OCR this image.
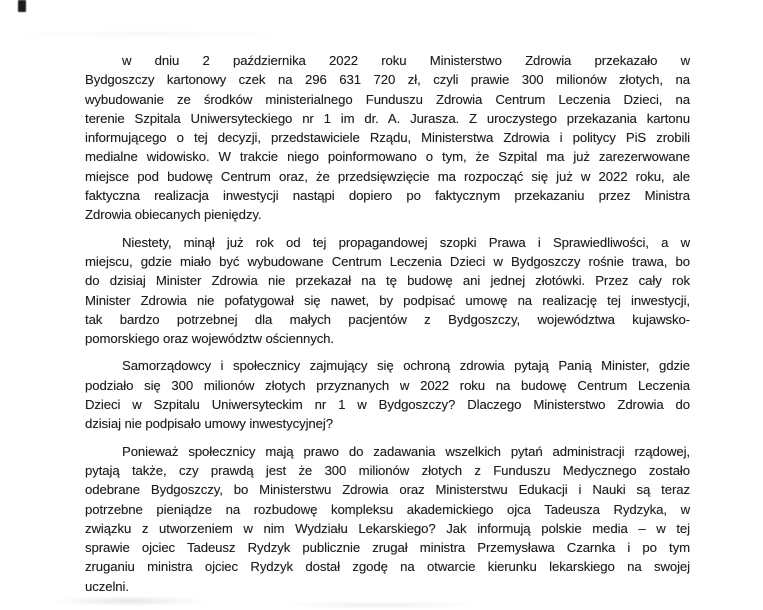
w dniu 2 października 2022 roku Ministerstwo Zdrowia przekazało w
Bydgoszczy kartonowy czek na 296 631 720 zł, czyli prawie 300 milionów złotych, na
wybudowanie ze środków ministerialnego Funduszu Zdrowia Centrum Leczenia Dzieci, na
terenie Szpitala Uniwersyteckiego nr 1 im dr. A. Jurasza. Z uroczystego przekazania kartonu
informującego o tej decyzji, przedstawiciele Rządu, Ministerstwa Zdrowia i politycy PiS zrobili
medialne widowisko. W trakcie niego poinformowano o tym, że Szpital ma już zarezerwowane
miejsce pod budowę Centrum oraz, że przedsięwzięcie ma rozpocząć się już w 2022 roku, ale
faktyczna realizacja inwestycji nastąpi dopiero po faktycznym przekazaniu przez Ministra
Zdrowia obiecanych pieniędzy.
Niestety, minął już rok od tej propagandowej szopki Prawa i Sprawiedliwości, a w
miejscu, gdzie miało być wybudowane Centrum Leczenia Dzieci w Bydgoszczy rośnie trawa, bo
do dzisiaj Minister Zdrowia nie przekazał na tę budowę ani jednej złotówki. Przez cały rok
Minister Zdrowia nie pofatygował się nawet, by podpisać umowę na realizację tej inwestycji,
tak bardzo potrzebnej dla małych pacjentów z Bydgoszczy, województwa kujawsko-
pomorskiego oraz województw ościennych.
Samorządowcy i społecznicy zajmujący się ochroną zdrowia pytają Panią Minister, gdzie
podziało się 300 milionów złotych przyznanych w 2022 roku na budowę Centrum Leczenia
Dzieci w Szpitalu Uniwersyteckim nr 1 w Bydgoszczy? Dlaczego Ministerstwo Zdrowia do
dzisiaj nie podpisało umowy inwestycyjnej?
Ponieważ społecznicy mają prawo do zadawania wszelkich pytań administracji rządowej,
pytają także, czy prawdą jest że 300 milionów złotych z Funduszu Medycznego zostało
odebrane Bydgoszczy, bo Ministerstwu Zdrowia oraz Ministerstwu Edukacji i Nauki są teraz
potrzebne pieniądze na rozbudowę kompleksu akademickiego ojca Tadeusza Rydzyka, w
związku z utworzeniem w nim Wydziału Lekarskiego? Jak informują polskie media – w tej
sprawie ojciec Tadeusz Rydzyk publicznie zrugał ministra Przemysława Czarnka i po tym
zruganiu ministra ojciec Rydzyk dostał zgodę na otwarcie kierunku lekarskiego na swojej
uczelni.
